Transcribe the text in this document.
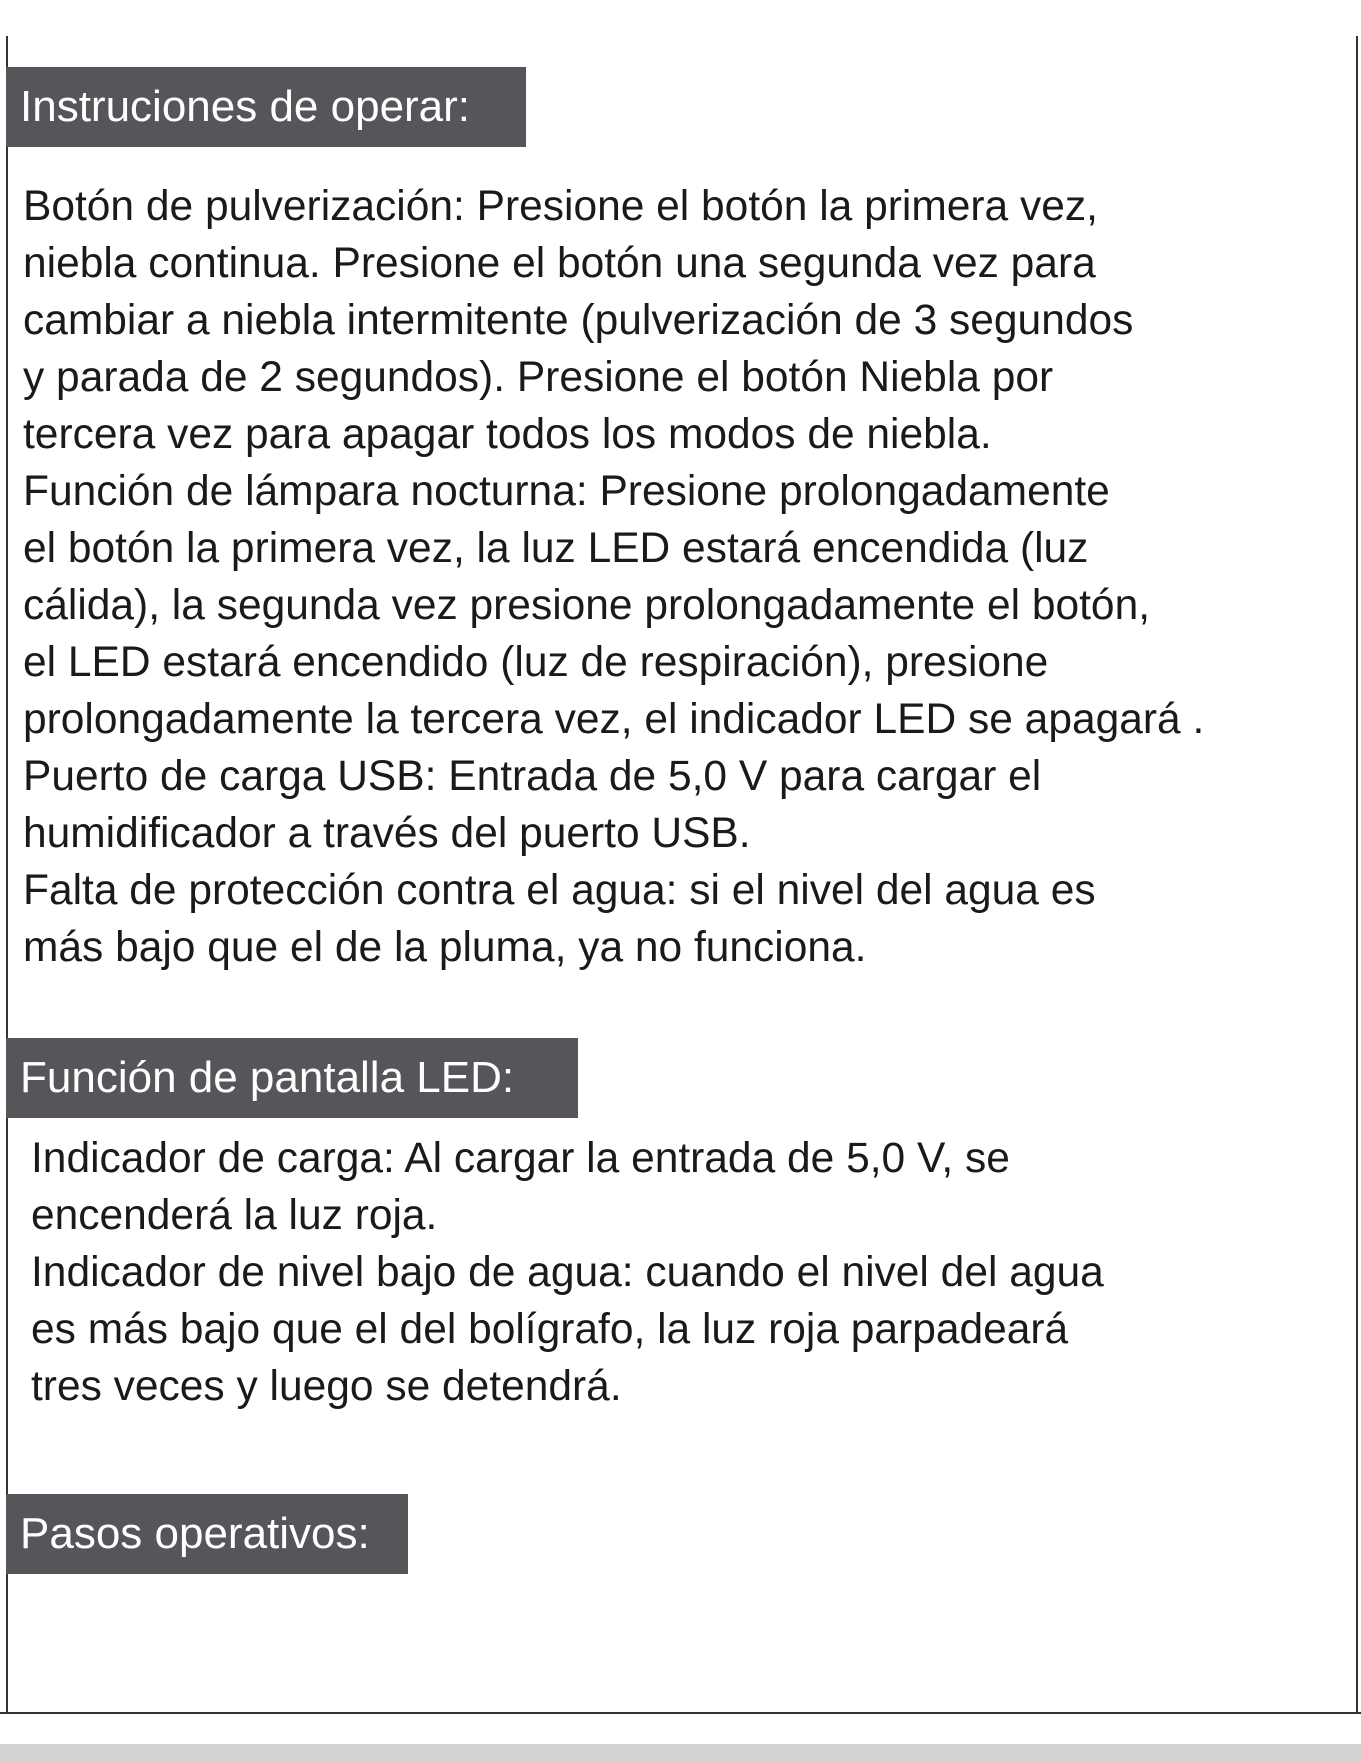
Instruciones de operar:
Botón de pulverización: Presione el botón la primera vez,
niebla continua. Presione el botón una segunda vez para
cambiar a niebla intermitente (pulverización de 3 segundos
y parada de 2 segundos). Presione el botón Niebla por
tercera vez para apagar todos los modos de niebla.
Función de lámpara nocturna: Presione prolongadamente
el botón la primera vez, la luz LED estará encendida (luz
cálida), la segunda vez presione prolongadamente el botón,
el LED estará encendido (luz de respiración), presione
prolongadamente la tercera vez, el indicador LED se apagará .
Puerto de carga USB: Entrada de 5,0 V para cargar el
humidificador a través del puerto USB.
Falta de protección contra el agua: si el nivel del agua es
más bajo que el de la pluma, ya no funciona.
Función de pantalla LED:
Indicador de carga: Al cargar la entrada de 5,0 V, se
encenderá la luz roja.
Indicador de nivel bajo de agua: cuando el nivel del agua
es más bajo que el del bolígrafo, la luz roja parpadeará
tres veces y luego se detendrá.
Pasos operativos:
